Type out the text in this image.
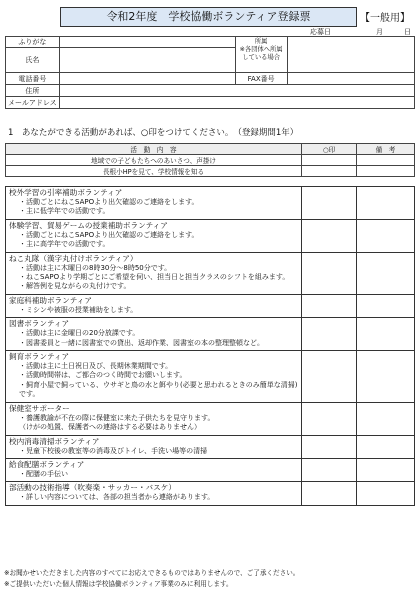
令和2年度　学校協働ボランティア登録票	【一般用】
応募日	月	日
ふりがな		所属
※各団体へ所属している場合	

氏名			
電話番号		FAX番号	
住所			
メールアドレス			
1　あなたができる活動があれば、○印をつけてください。　（登録期間1年）
活　動　内　容	○印	備　考
地域での子どもたちへのあいさつ、声掛け		
長根小HPを見て、学校情報を知る		
校外学習の引率補助ボランティア
・活動ごとにねこSAPOより出欠確認のご連絡をします。
・主に低学年での活動です。		

体験学習、貿易ゲームの授業補助ボランティア
・活動ごとにねこSAPOより出欠確認のご連絡をします。
・主に高学年での活動です。		

ねこ丸隊（漢字丸付けボランティア）
・活動は主に木曜日の8時30分～8時50分です。
・ねこSAPOより学期ごとにご希望を伺い、担当日と担当クラスのシフトを組みます。
・解答例を見ながらの丸付けです。		

家庭科補助ボランティア
・ミシンや被服の授業補助をします。		

図書ボランティア
・活動は主に金曜日の20分放課です。
・図書委員と一緒に図書室での貸出、返却作業、図書室の本の整理整頓など。		

飼育ボランティア
・活動は主に土日祝日及び、長期休業期間です。
・活動時間帯は、ご都合のつく時間でお願いします。
・飼育小屋で飼っている、ウサギと鳥の水と餌やり(必要と思われるときのみ簡単な清掃)です。		

保健室サポーター
・養護教諭が不在の際に保健室に来た子供たちを見守ります。
（けがの処置、保護者への連絡はする必要はありません）		

校内消毒清掃ボランティア
・児童下校後の教室等の消毒及びトイレ、手洗い場等の清掃		

給食配膳ボランティア
・配膳の手伝い		

部活動の技術指導（吹奏楽・サッカー・バスケ）
・詳しい内容については、各部の担当者から連絡があります。		

※お聞かせいただきました内容のすべてにお応えできるものではありませんので、ご了承ください。
※ご提供いただいた個人情報は学校協働ボランティア事業のみに利用します。
